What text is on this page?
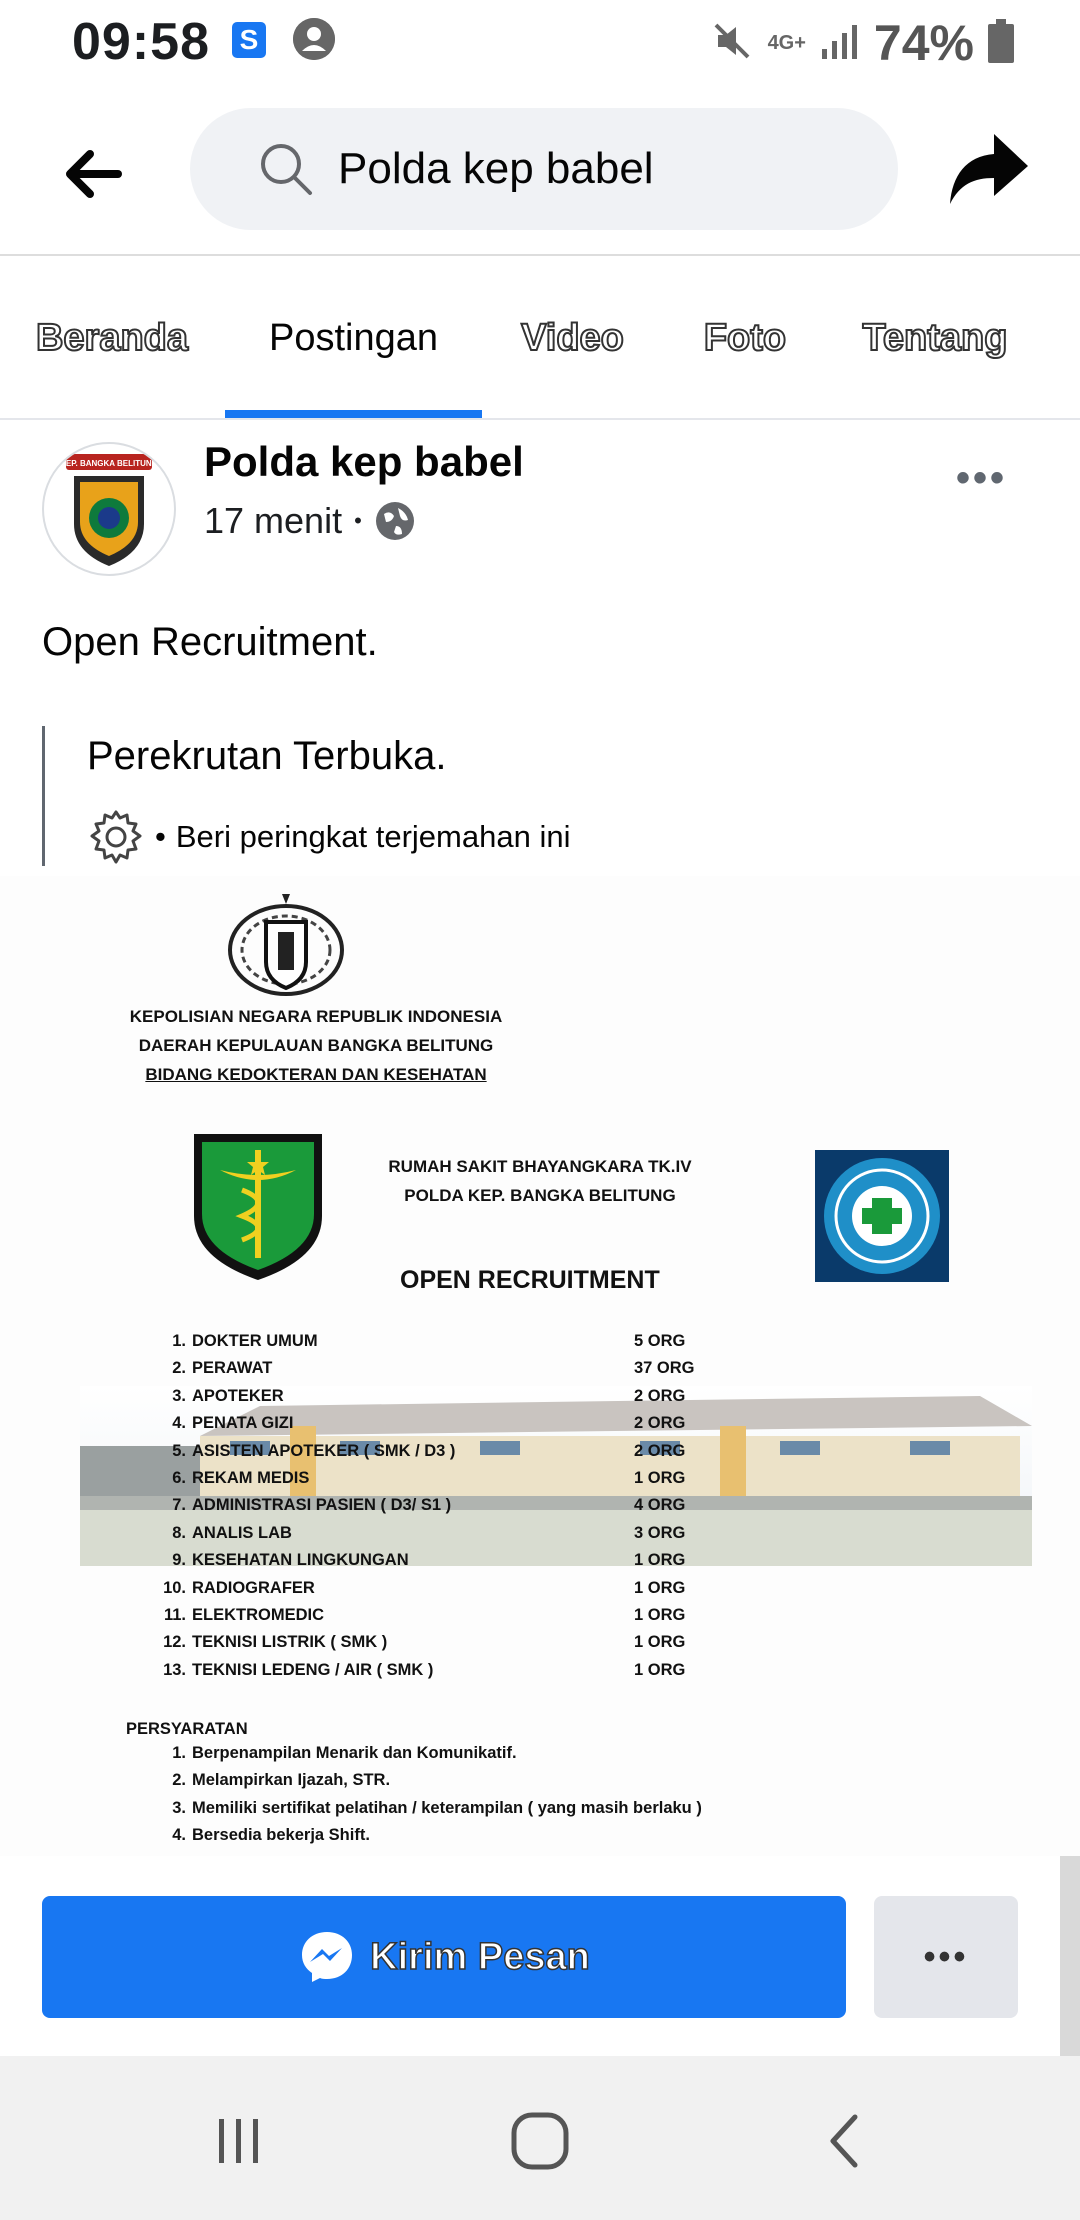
09:58 S	4G+ 74%
Polda kep babel
Beranda	Postingan	Video	Foto	Tentang
KEP. BANGKA BELITUNG Polda kep babel
17 menit •
•••
Open Recruitment.
Perekrutan Terbuka.
• Beri peringkat terjemahan ini
KEPOLISIAN NEGARA REPUBLIK INDONESIA
DAERAH KEPULAUAN BANGKA BELITUNG
BIDANG KEDOKTERAN DAN KESEHATAN
RUMAH SAKIT BHAYANGKARA TK.IV
POLDA KEP. BANGKA BELITUNG
OPEN RECRUITMENT
1. DOKTER UMUM	5 ORG
2. PERAWAT	37 ORG
3. APOTEKER	2 ORG
4. PENATA GIZI	2 ORG
5. ASISTEN APOTEKER ( SMK / D3 )	2 ORG
6. REKAM MEDIS	1 ORG
7. ADMINISTRASI PASIEN ( D3/ S1 )	4 ORG
8. ANALIS LAB	3 ORG
9. KESEHATAN LINGKUNGAN	1 ORG
10. RADIOGRAFER	1 ORG
11. ELEKTROMEDIC	1 ORG
12. TEKNISI LISTRIK ( SMK )	1 ORG
13. TEKNISI LEDENG / AIR ( SMK )	1 ORG
PERSYARATAN
1. Berpenampilan Menarik dan Komunikatif.
2. Melampirkan Ijazah, STR.
3. Memiliki sertifikat pelatihan / keterampilan ( yang masih berlaku )
4. Bersedia bekerja Shift.
Kirim Pesan	•••
